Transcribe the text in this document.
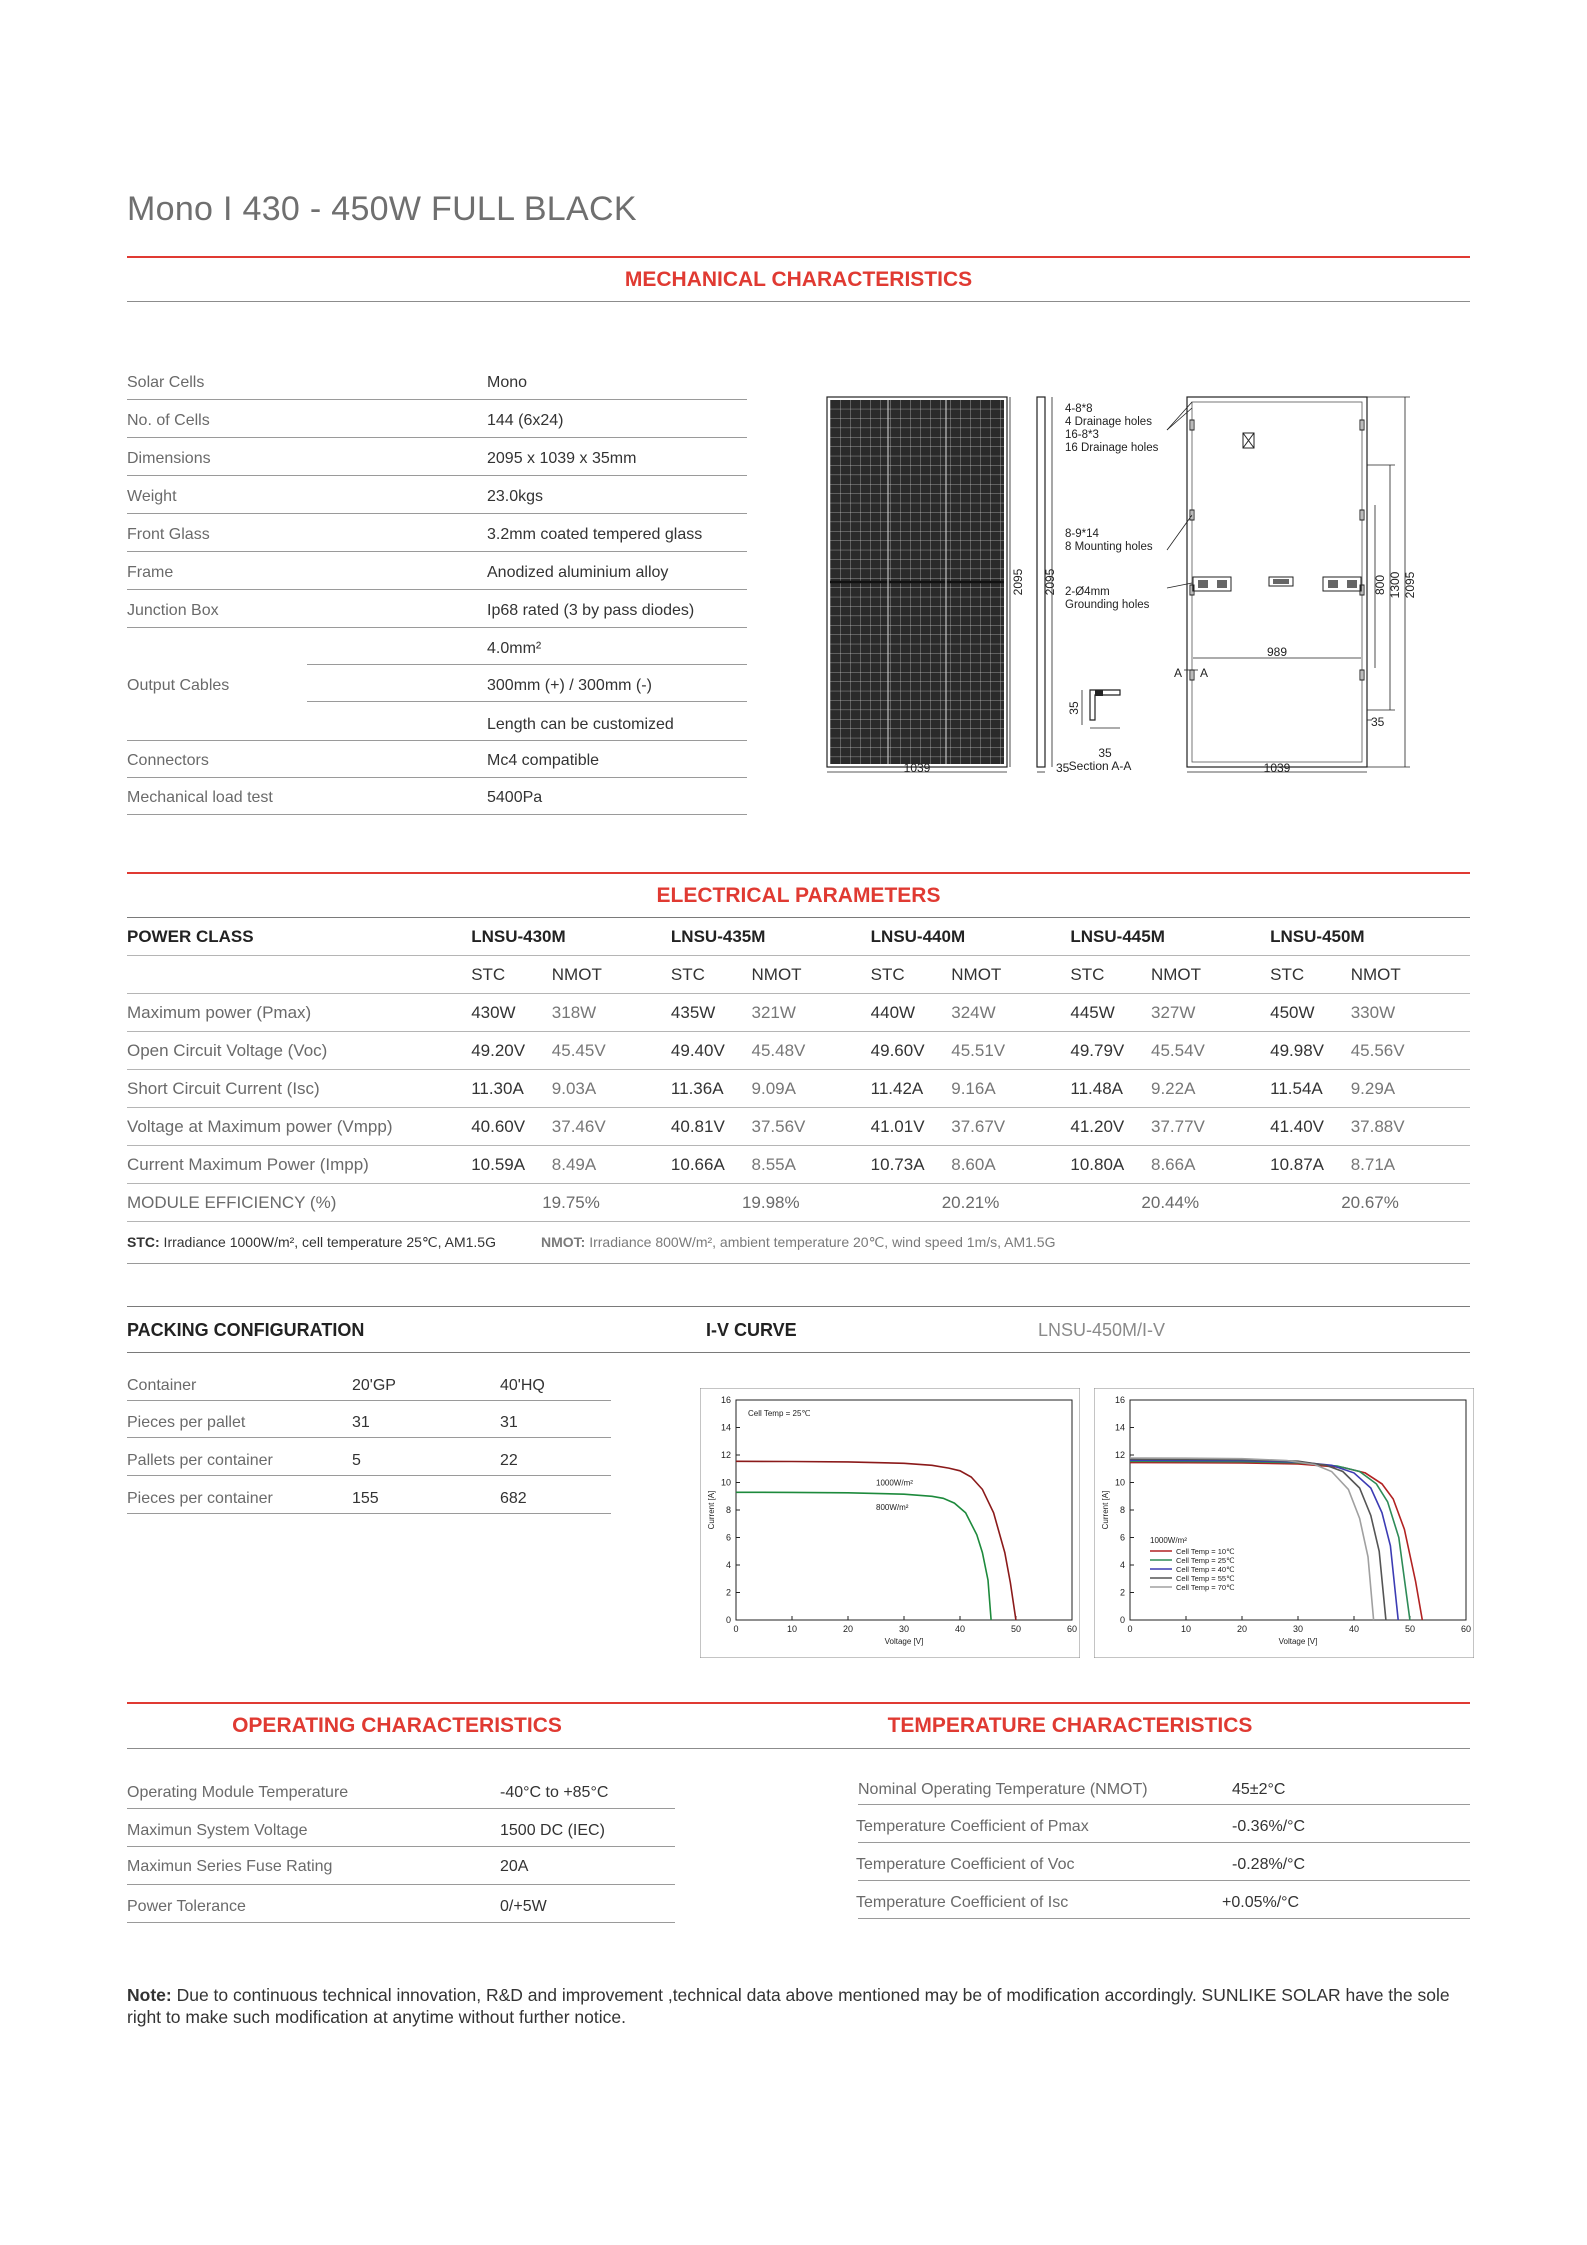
Mono I 430 - 450W FULL BLACK
MECHANICAL CHARACTERISTICS
Solar Cells	Mono
No. of Cells	144 (6x24)
Dimensions	2095 x 1039 x 35mm
Weight	23.0kgs
Front Glass	3.2mm coated tempered glass
Frame	Anodized aluminium alloy
Junction Box	Ip68 rated (3 by pass diodes)
4.0mm²
Output Cables	300mm (+) / 300mm (-)
Length can be customized
Connectors	Mc4 compatible
Mechanical load test	5400Pa
1039
2095 2095
35
4-8*8
4 Drainage holes
16-8*3
16 Drainage holes
8-9*14
8 Mounting holes
2-Ø4mm
Grounding holes
989
800 1300 2095
35
1039
A A
35
35
Section A-A
ELECTRICAL PARAMETERS
POWER CLASS	LNSU-430M		LNSU-435M		LNSU-440M		LNSU-445M		LNSU-450M	
	STC	NMOT	STC	NMOT	STC	NMOT	STC	NMOT	STC	NMOT
Maximum power (Pmax)	430W	318W	435W	321W	440W	324W	445W	327W	450W	330W
Open Circuit Voltage (Voc)	49.20V	45.45V	49.40V	45.48V	49.60V	45.51V	49.79V	45.54V	49.98V	45.56V
Short Circuit Current (Isc)	11.30A	9.03A	11.36A	9.09A	11.42A	9.16A	11.48A	9.22A	11.54A	9.29A
Voltage at Maximum power (Vmpp)	40.60V	37.46V	40.81V	37.56V	41.01V	37.67V	41.20V	37.77V	41.40V	37.88V
Current Maximum Power (Impp)	10.59A	8.49A	10.66A	8.55A	10.73A	8.60A	10.80A	8.66A	10.87A	8.71A
MODULE EFFICIENCY (%)	19.75%		19.98%		20.21%		20.44%		20.67%	
STC: Irradiance 1000W/m², cell temperature 25℃, AM1.5G	NMOT: Irradiance 800W/m², ambient temperature 20℃, wind speed 1m/s, AM1.5G
PACKING CONFIGURATION	I-V CURVE	LNSU-450M/I-V
Container	20'GP	40'HQ
Pieces per pallet	31	31
Pallets per container	5	22
Pieces per container	155	682
0	10	20	30	40	50	60
0
2
4
6
8
10
12
14
16
Voltage [V]
Current [A]
Cell Temp = 25℃
1000W/m²
800W/m²
0	10	20	30	40	50	60
0
2
4
6
8
10
12
14
16
Voltage [V]
Current [A]
1000W/m²
Cell Temp = 10℃
Cell Temp = 25℃
Cell Temp = 40℃
Cell Temp = 55℃
Cell Temp = 70℃
OPERATING CHARACTERISTICS	TEMPERATURE CHARACTERISTICS
Operating Module Temperature	-40°C to +85°C
Maximun System Voltage	1500 DC (IEC)
Maximun Series Fuse Rating	20A
Power Tolerance	0/+5W
Nominal Operating Temperature (NMOT)	45±2°C
Temperature Coefficient of Pmax	-0.36%/°C
Temperature Coefficient of Voc	-0.28%/°C
Temperature Coefficient of Isc	+0.05%/°C
Note: Due to continuous technical innovation, R&D and improvement ,technical data above mentioned may be of modification accordingly. SUNLIKE SOLAR have the sole right to make such modification at anytime without further notice.
